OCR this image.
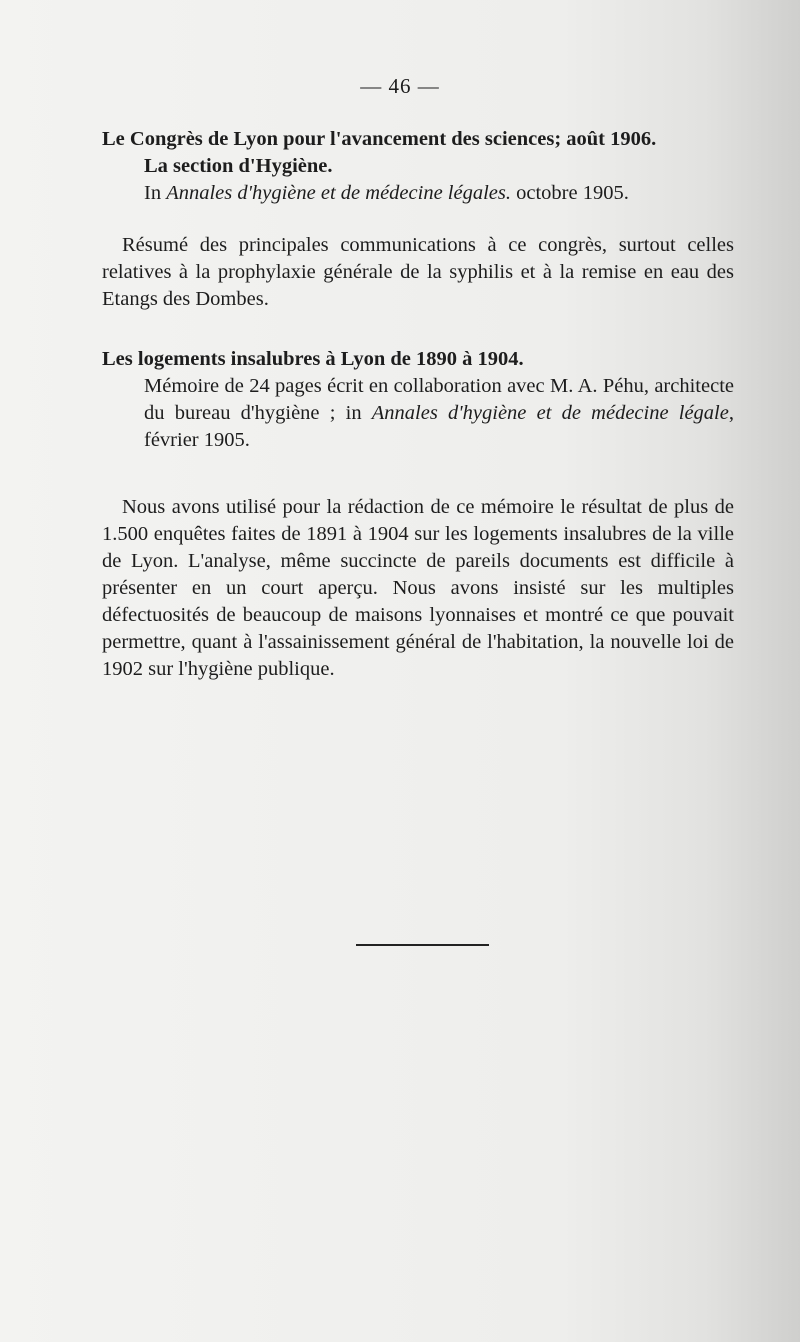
— 46 —
Le Congrès de Lyon pour l'avancement des sciences; août 1906.
La section d'Hygiène.
In Annales d'hygiène et de médecine légales. octobre 1905.
Résumé des principales communications à ce congrès, surtout celles relatives à la prophylaxie générale de la syphilis et à la remise en eau des Etangs des Dombes.
Les logements insalubres à Lyon de 1890 à 1904.
Mémoire de 24 pages écrit en collaboration avec M. A. Péhu, architecte du bureau d'hygiène ; in Annales d'hygiène et de médecine légale, février 1905.
Nous avons utilisé pour la rédaction de ce mémoire le résultat de plus de 1.500 enquêtes faites de 1891 à 1904 sur les logements insalubres de la ville de Lyon. L'analyse, même succincte de pareils documents est difficile à présenter en un court aperçu. Nous avons insisté sur les multiples défectuosités de beaucoup de maisons lyonnaises et montré ce que pouvait permettre, quant à l'assainissement général de l'habitation, la nouvelle loi de 1902 sur l'hygiène publique.
